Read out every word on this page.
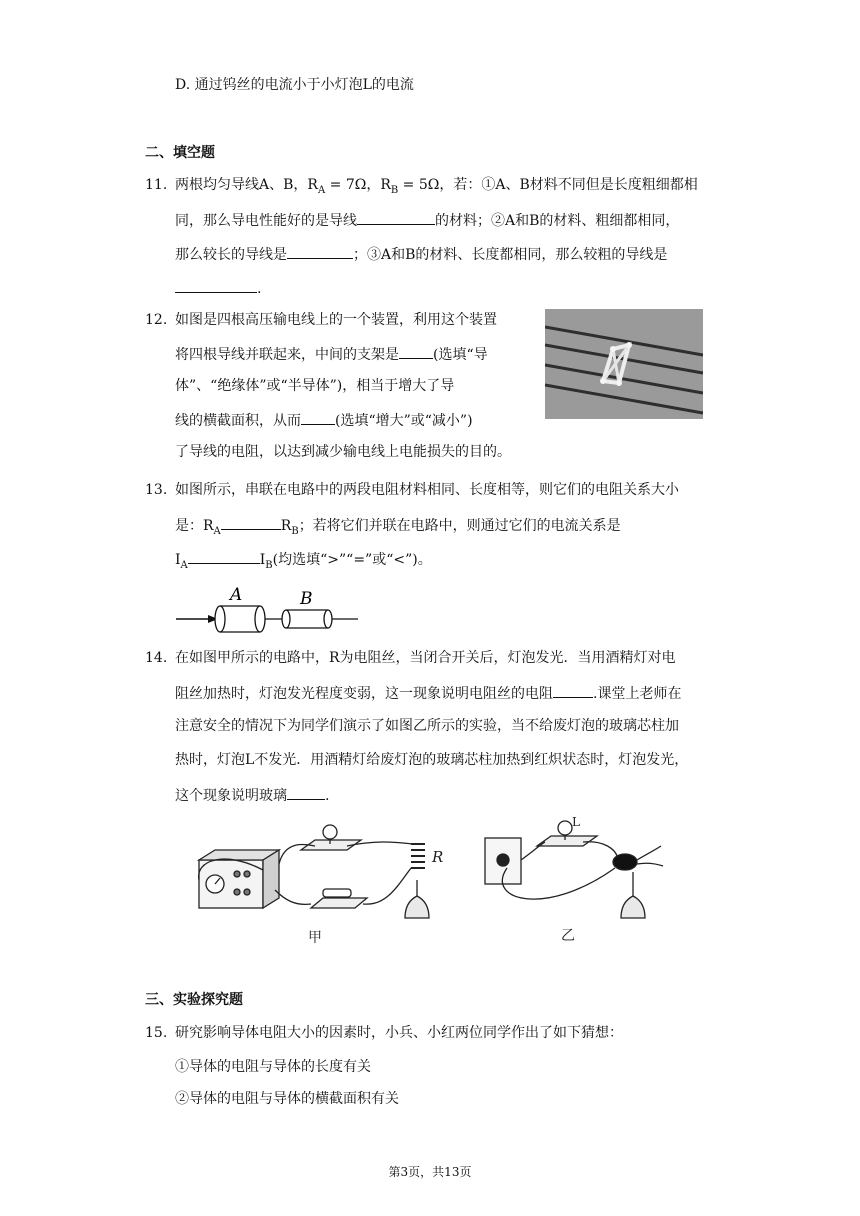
D. 通过钨丝的电流小于小灯泡L的电流
二、填空题
11. 两根均匀导线A、B，$R_A = 7\Omega$，$R_B = 5\Omega$，若：①A、B材料不同但是长度粗细都相
同，那么导电性能好的是导线	的材料；②A和B的材料、粗细都相同，
那么较长的导线是	；③A和B的材料、长度都相同，那么较粗的导线是
.
12. 如图是四根高压输电线上的一个装置，利用这个装置
将四根导线并联起来，中间的支架是 (选填“导
体”、“绝缘体”或“半导体”)，相当于增大了导
线的横截面积，从而 (选填“增大”或“减小”)
了导线的电阻，以达到减少输电线上电能损失的目的。
13. 如图所示，串联在电路中的两段电阻材料相同、长度相等，则它们的电阻关系大小
是：$R_A$	$R_B$；若将它们并联在电路中，则通过它们的电流关系是
$I_A$	$I_B$(均选填“>”“=”或“<”)。
A	B
14. 在如图甲所示的电路中，R为电阻丝，当闭合开关后，灯泡发光．当用酒精灯对电
阻丝加热时，灯泡发光程度变弱，这一现象说明电阻丝的电阻	.课堂上老师在
注意安全的情况下为同学们演示了如图乙所示的实验，当不给废灯泡的玻璃芯柱加
热时，灯泡L不发光．用酒精灯给废灯泡的玻璃芯柱加热到红炽状态时，灯泡发光，
这个现象说明玻璃	.
甲
R
乙
L
三、实验探究题
15. 研究影响导体电阻大小的因素时，小兵、小红两位同学作出了如下猜想：
①导体的电阻与导体的长度有关
②导体的电阻与导体的横截面积有关
第3页，共13页
